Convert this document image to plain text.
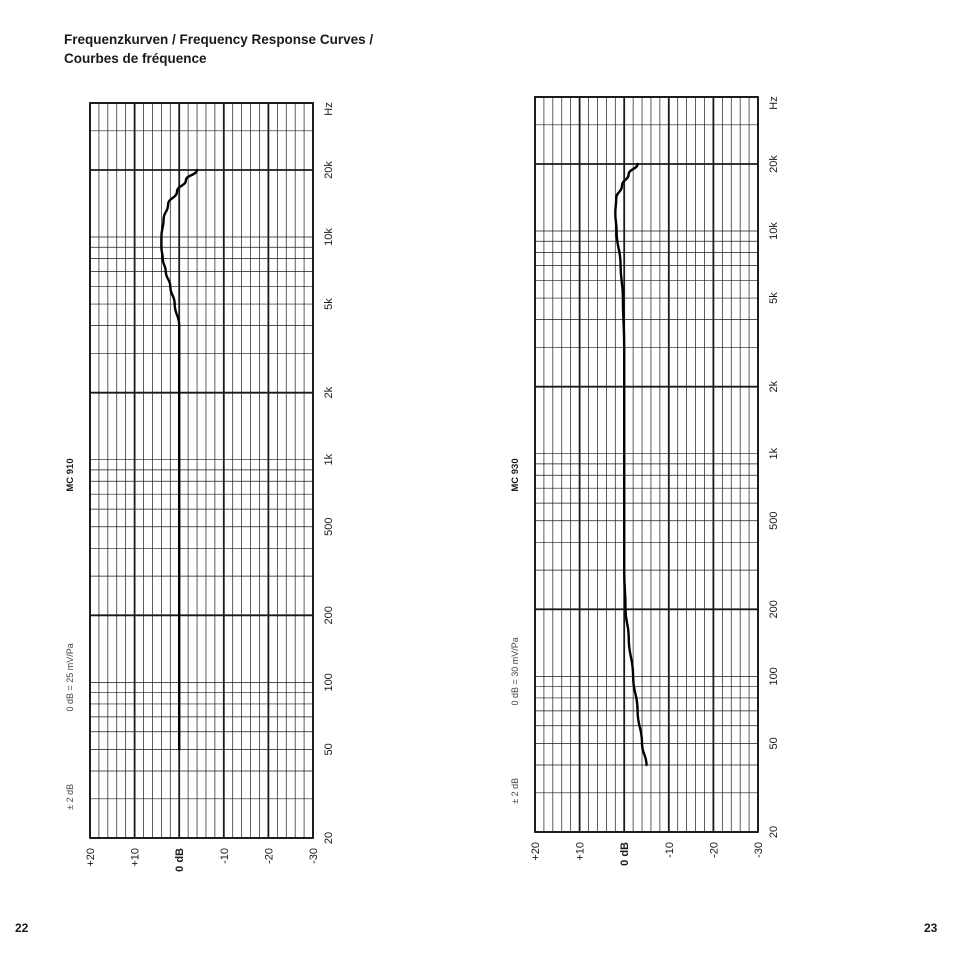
Frequenzkurven / Frequency Response Curves /
Courbes de fréquence
20
50
100
200
500
1k
2k
5k
10k
20k
Hz
+20	+10	0 dB	-10	-20	-30
MC 910
0 dB = 25 mV/Pa
± 2 dB
20
50
100
200
500
1k
2k
5k
10k
20k
Hz
+20	+10	0 dB	-10	-20	-30
MC 930
0 dB = 30 mV/Pa
± 2 dB
22	23
